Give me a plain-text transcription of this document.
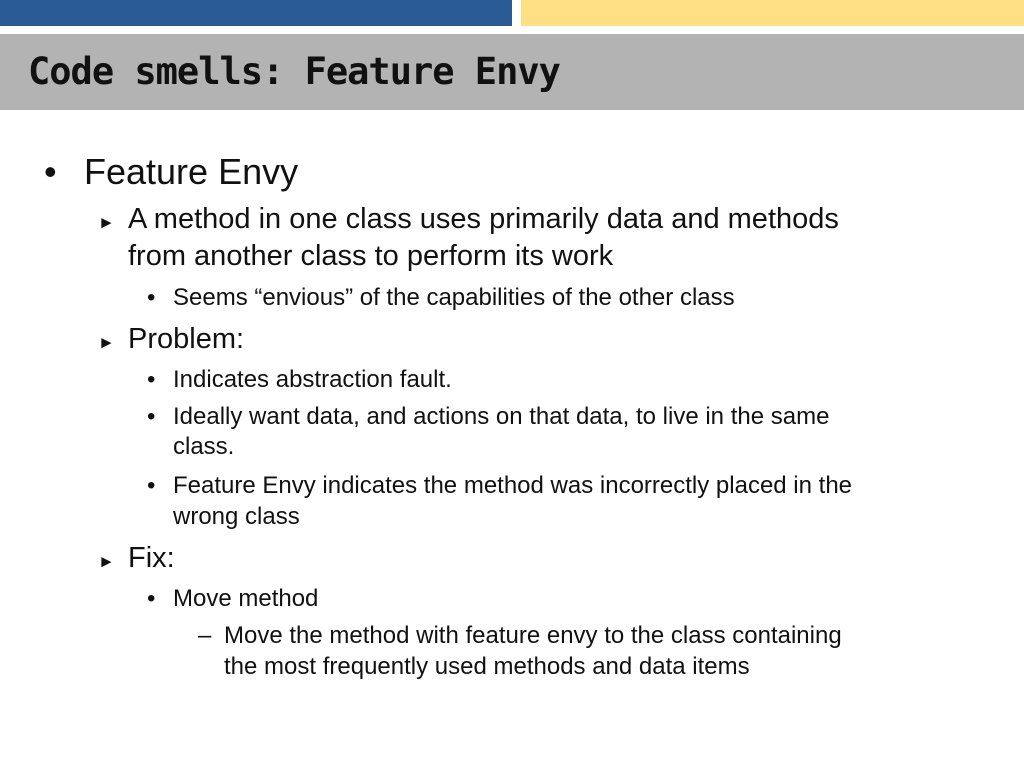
Code smells: Feature Envy
• Feature Envy
► A method in one class uses primarily data and methods
from another class to perform its work
• Seems “envious” of the capabilities of the other class
► Problem:
• Indicates abstraction fault.
• Ideally want data, and actions on that data, to live in the same
class.
• Feature Envy indicates the method was incorrectly placed in the
wrong class
► Fix:
• Move method
– Move the method with feature envy to the class containing
the most frequently used methods and data items
